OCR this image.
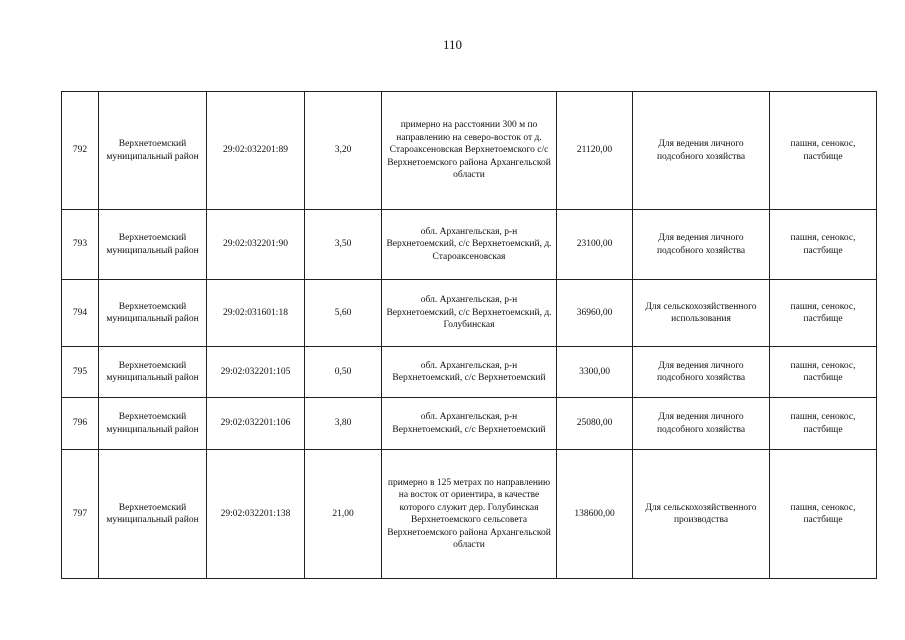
110
792	Верхнетоемский муниципальный район	29:02:032201:89	3,20	примерно на расстоянии 300 м по направлению на северо-восток от д. Староаксеновская Верхнетоемского с/с Верхнетоемского района Архангельской области	21120,00	Для ведения личного подсобного хозяйства	пашня, сенокос, пастбище
793	Верхнетоемский муниципальный район	29:02:032201:90	3,50	обл. Архангельская, р-н Верхнетоемский, с/с Верхнетоемский, д. Староаксеновская	23100,00	Для ведения личного подсобного хозяйства	пашня, сенокос, пастбище
794	Верхнетоемский муниципальный район	29:02:031601:18	5,60	обл. Архангельская, р-н Верхнетоемский, с/с Верхнетоемский, д. Голубинская	36960,00	Для сельскохозяйственного использования	пашня, сенокос, пастбище
795	Верхнетоемский муниципальный район	29:02:032201:105	0,50	обл. Архангельская, р-н Верхнетоемский, с/с Верхнетоемский	3300,00	Для ведения личного подсобного хозяйства	пашня, сенокос, пастбище
796	Верхнетоемский муниципальный район	29:02:032201:106	3,80	обл. Архангельская, р-н Верхнетоемский, с/с Верхнетоемский	25080,00	Для ведения личного подсобного хозяйства	пашня, сенокос, пастбище
797	Верхнетоемский муниципальный район	29:02:032201:138	21,00	примерно в 125 метрах по направлению на восток от ориентира, в качестве которого служит дер. Голубинская Верхнетоемского сельсовета Верхнетоемского района Архангельской области	138600,00	Для сельскохозяйственного производства	пашня, сенокос, пастбище
